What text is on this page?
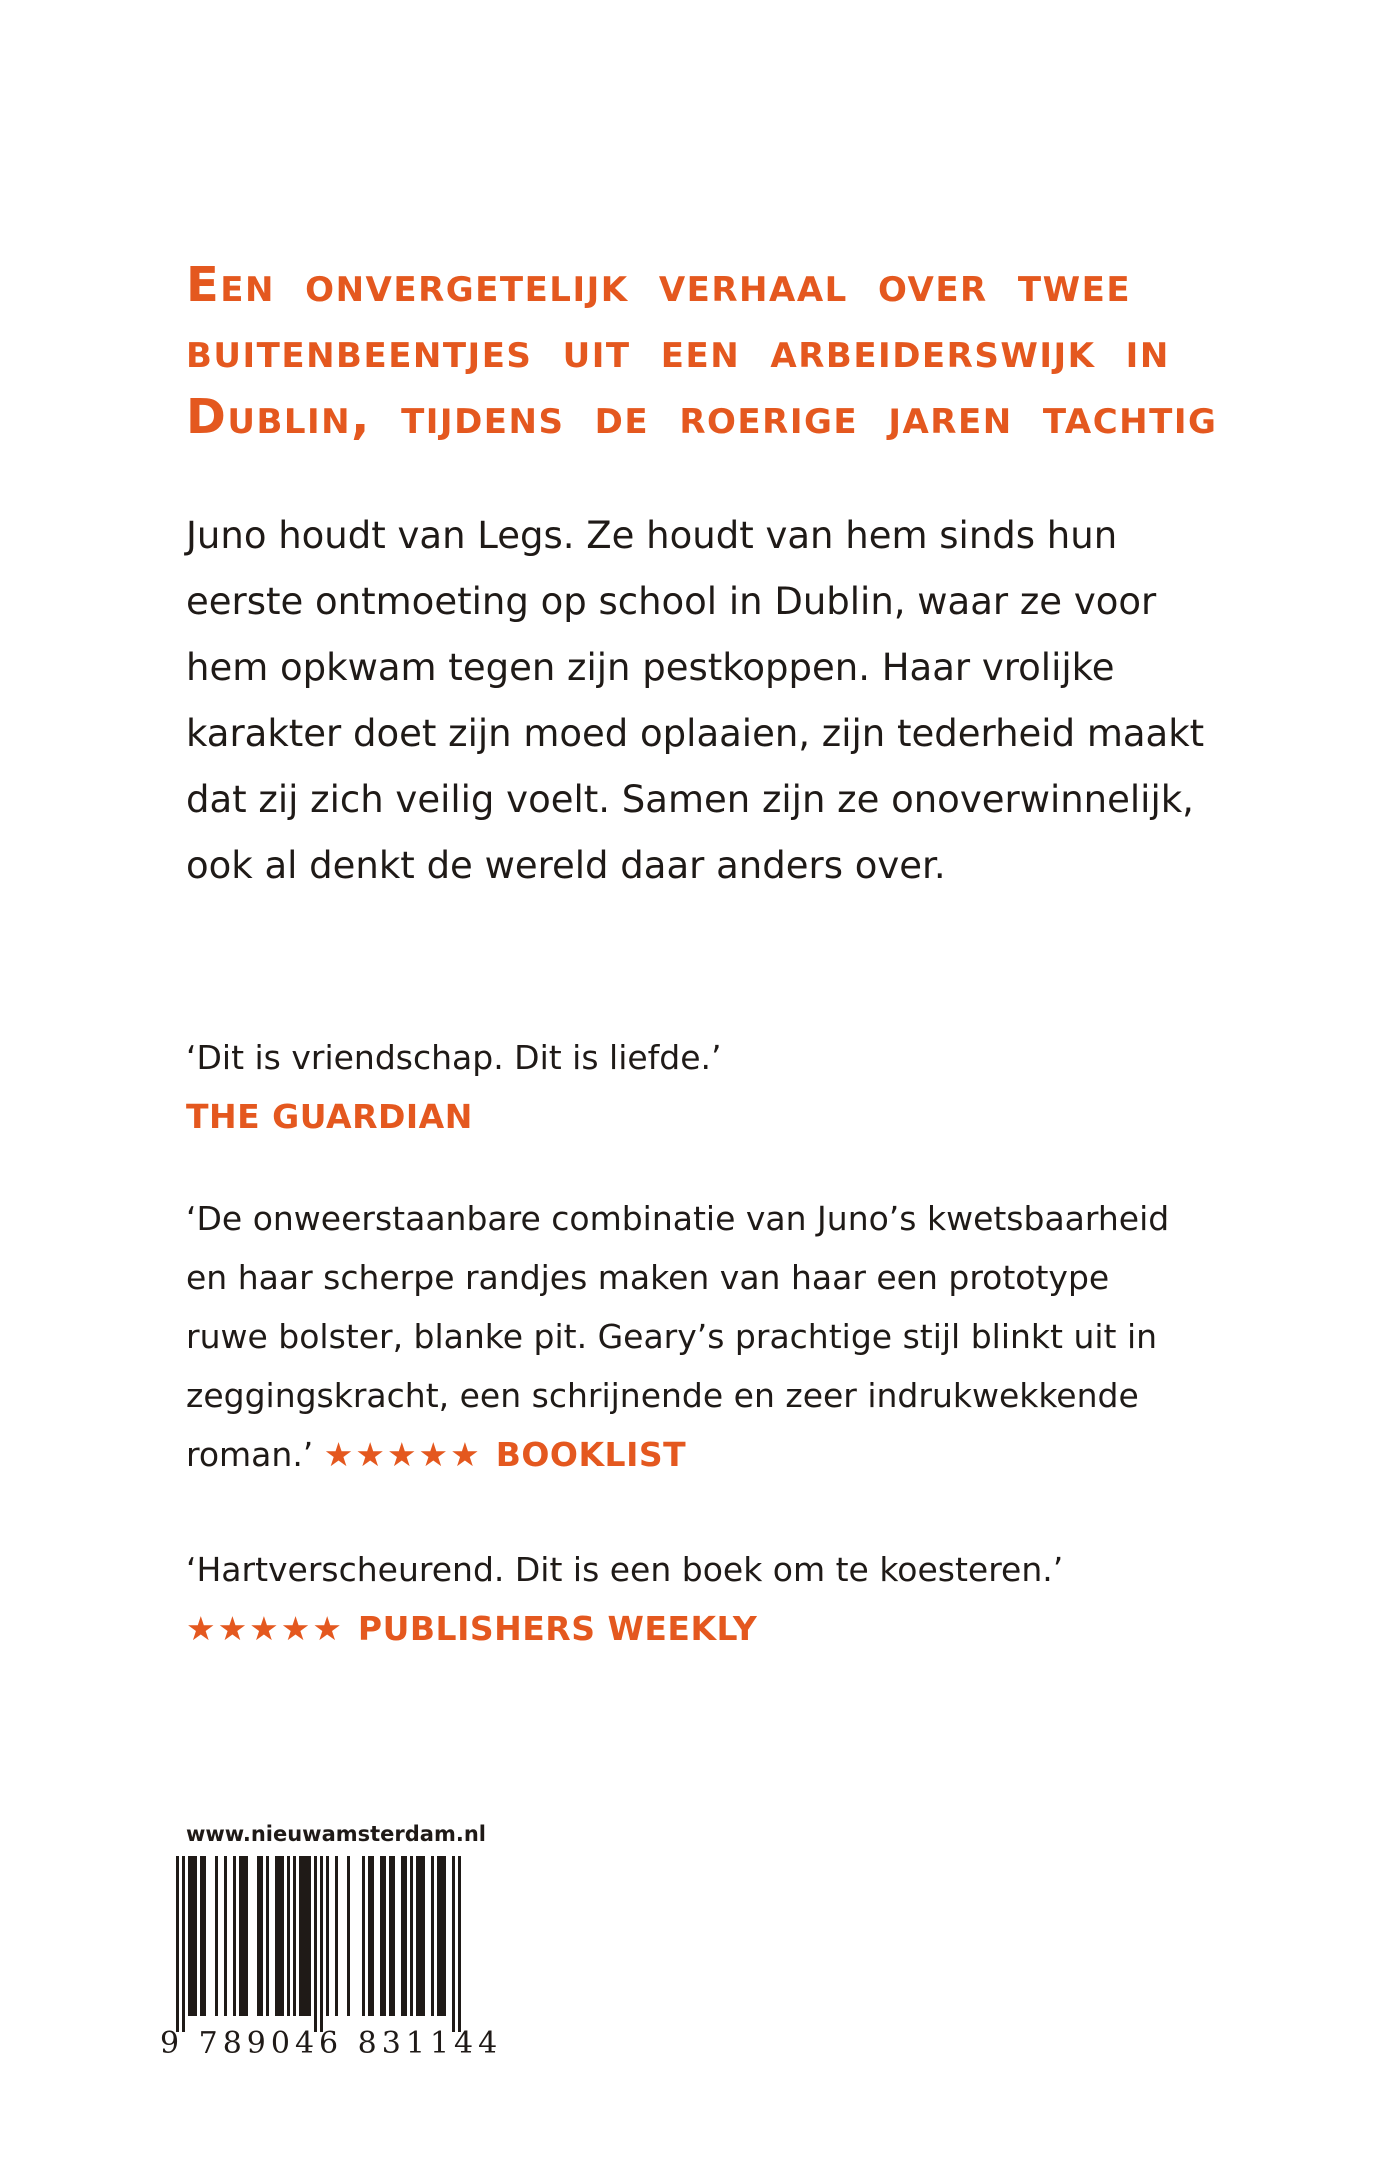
Een onvergetelijk verhaal over twee
buitenbeentjes uit een arbeiderswijk in
Dublin, tijdens de roerige jaren tachtig

Juno houdt van Legs. Ze houdt van hem sinds hun
eerste ontmoeting op school in Dublin, waar ze voor
hem opkwam tegen zijn pestkoppen. Haar vrolijke
karakter doet zijn moed oplaaien, zijn tederheid maakt
dat zij zich veilig voelt. Samen zijn ze onoverwinnelijk,
ook al denkt de wereld daar anders over.

‘Dit is vriendschap. Dit is liefde.’
THE GUARDIAN
‘De onweerstaanbare combinatie van Juno’s kwetsbaarheid
en haar scherpe randjes maken van haar een prototype
ruwe bolster, blanke pit. Geary’s prachtige stijl blinkt uit in
zeggingskracht, een schrijnende en zeer indrukwekkende
roman.’ ★★★★★ BOOKLIST
‘Hartverscheurend. Dit is een boek om te koesteren.’
★★★★★ PUBLISHERS WEEKLY
www.nieuwamsterdam.nl
9 789046 831144
